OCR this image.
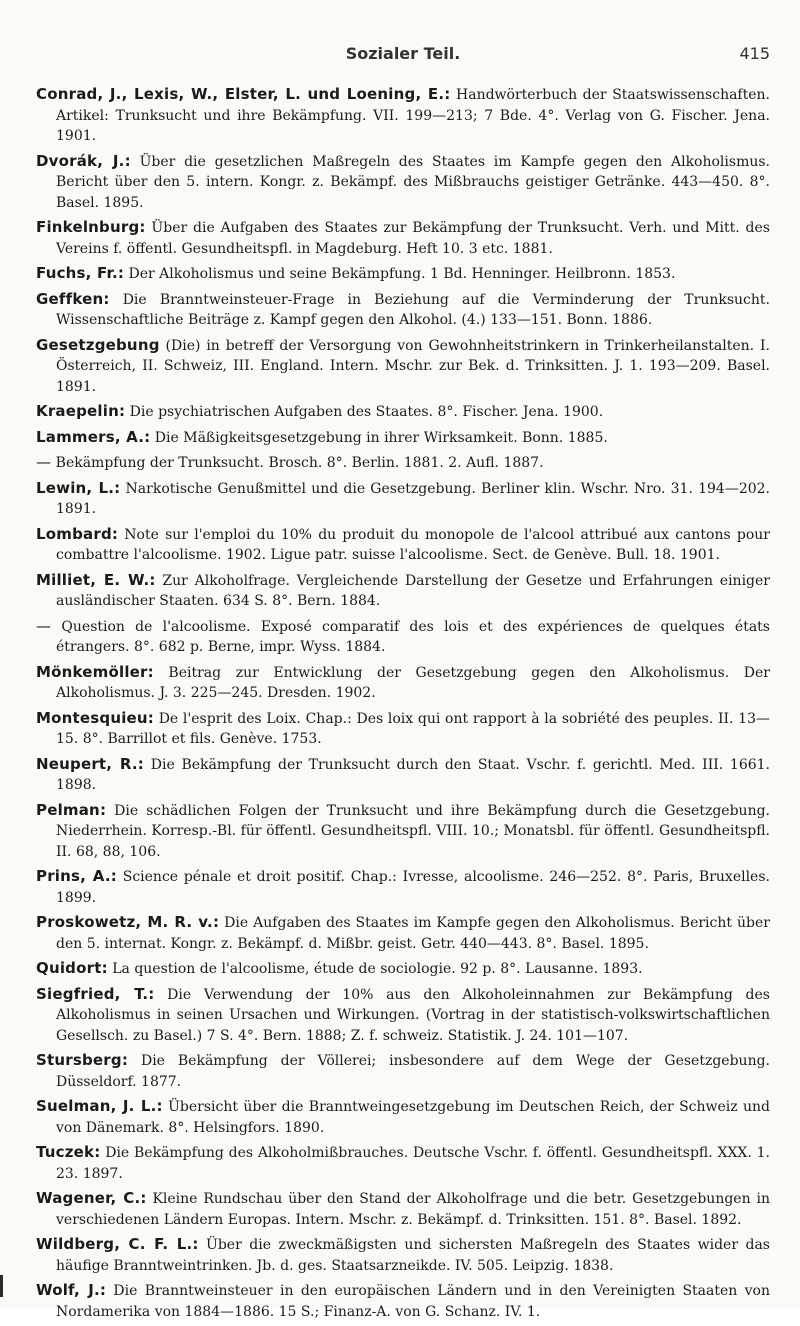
Sozialer Teil.	415

Conrad, J., Lexis, W., Elster, L. und Loening, E.: Handwörterbuch der Staatswissenschaften. Artikel: Trunksucht und ihre Bekämpfung. VII. 199—213; 7 Bde. 4°. Verlag von G. Fischer. Jena. 1901.

Dvorák, J.: Über die gesetzlichen Maßregeln des Staates im Kampfe gegen den Alkoholismus. Bericht über den 5. intern. Kongr. z. Bekämpf. des Mißbrauchs geistiger Getränke. 443—450. 8°. Basel. 1895.

Finkelnburg: Über die Aufgaben des Staates zur Bekämpfung der Trunksucht. Verh. und Mitt. des Vereins f. öffentl. Gesundheitspfl. in Magdeburg. Heft 10. 3 etc. 1881.

Fuchs, Fr.: Der Alkoholismus und seine Bekämpfung. 1 Bd. Henninger. Heilbronn. 1853.

Geffken: Die Branntweinsteuer-Frage in Beziehung auf die Verminderung der Trunksucht. Wissenschaftliche Beiträge z. Kampf gegen den Alkohol. (4.) 133—151. Bonn. 1886.

Gesetzgebung (Die) in betreff der Versorgung von Gewohnheitstrinkern in Trinkerheilanstalten. I. Österreich, II. Schweiz, III. England. Intern. Mschr. zur Bek. d. Trinksitten. J. 1. 193—209. Basel. 1891.

Kraepelin: Die psychiatrischen Aufgaben des Staates. 8°. Fischer. Jena. 1900.

Lammers, A.: Die Mäßigkeitsgesetzgebung in ihrer Wirksamkeit. Bonn. 1885.

— Bekämpfung der Trunksucht. Brosch. 8°. Berlin. 1881. 2. Aufl. 1887.

Lewin, L.: Narkotische Genußmittel und die Gesetzgebung. Berliner klin. Wschr. Nro. 31. 194—202. 1891.

Lombard: Note sur l'emploi du 10% du produit du monopole de l'alcool attribué aux cantons pour combattre l'alcoolisme. 1902. Ligue patr. suisse l'alcoolisme. Sect. de Genève. Bull. 18. 1901.

Milliet, E. W.: Zur Alkoholfrage. Vergleichende Darstellung der Gesetze und Erfahrungen einiger ausländischer Staaten. 634 S. 8°. Bern. 1884.

— Question de l'alcoolisme. Exposé comparatif des lois et des expériences de quelques états étrangers. 8°. 682 p. Berne, impr. Wyss. 1884.

Mönkemöller: Beitrag zur Entwicklung der Gesetzgebung gegen den Alkoholismus. Der Alkoholismus. J. 3. 225—245. Dresden. 1902.

Montesquieu: De l'esprit des Loix. Chap.: Des loix qui ont rapport à la sobriété des peuples. II. 13—15. 8°. Barrillot et fils. Genève. 1753.

Neupert, R.: Die Bekämpfung der Trunksucht durch den Staat. Vschr. f. gerichtl. Med. III. 1661. 1898.

Pelman: Die schädlichen Folgen der Trunksucht und ihre Bekämpfung durch die Gesetzgebung. Niederrhein. Korresp.-Bl. für öffentl. Gesundheitspfl. VIII. 10.; Monatsbl. für öffentl. Gesundheitspfl. II. 68, 88, 106.

Prins, A.: Science pénale et droit positif. Chap.: Ivresse, alcoolisme. 246—252. 8°. Paris, Bruxelles. 1899.

Proskowetz, M. R. v.: Die Aufgaben des Staates im Kampfe gegen den Alkoholismus. Bericht über den 5. internat. Kongr. z. Bekämpf. d. Mißbr. geist. Getr. 440—443. 8°. Basel. 1895.

Quidort: La question de l'alcoolisme, étude de sociologie. 92 p. 8°. Lausanne. 1893.

Siegfried, T.: Die Verwendung der 10% aus den Alkoholeinnahmen zur Bekämpfung des Alkoholismus in seinen Ursachen und Wirkungen. (Vortrag in der statistisch-volkswirtschaftlichen Gesellsch. zu Basel.) 7 S. 4°. Bern. 1888; Z. f. schweiz. Statistik. J. 24. 101—107.

Stursberg: Die Bekämpfung der Völlerei; insbesondere auf dem Wege der Gesetzgebung. Düsseldorf. 1877.

Suelman, J. L.: Übersicht über die Branntweingesetzgebung im Deutschen Reich, der Schweiz und von Dänemark. 8°. Helsingfors. 1890.

Tuczek: Die Bekämpfung des Alkoholmißbrauches. Deutsche Vschr. f. öffentl. Gesundheitspfl. XXX. 1. 23. 1897.

Wagener, C.: Kleine Rundschau über den Stand der Alkoholfrage und die betr. Gesetzgebungen in verschiedenen Ländern Europas. Intern. Mschr. z. Bekämpf. d. Trinksitten. 151. 8°. Basel. 1892.

Wildberg, C. F. L.: Über die zweckmäßigsten und sichersten Maßregeln des Staates wider das häufige Branntweintrinken. Jb. d. ges. Staatsarzneikde. IV. 505. Leipzig. 1838.

Wolf, J.: Die Branntweinsteuer in den europäischen Ländern und in den Vereinigten Staaten von Nordamerika von 1884—1886. 15 S.; Finanz-A. von G. Schanz. IV. 1.
